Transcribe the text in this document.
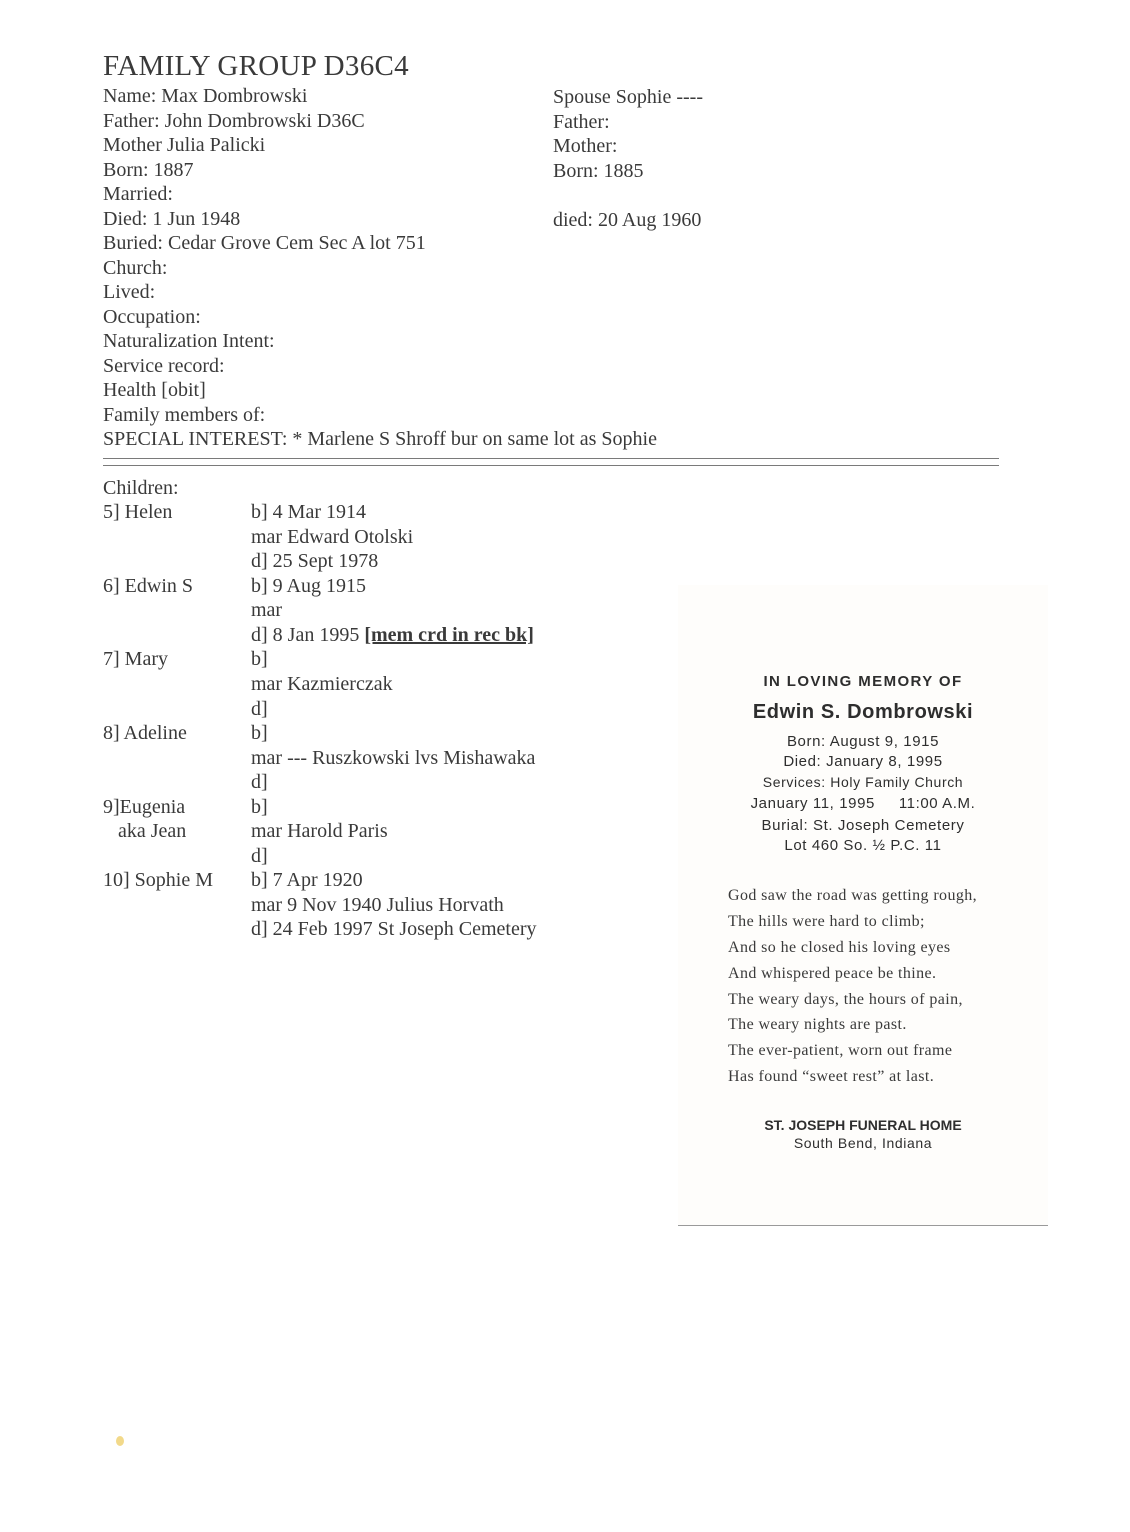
FAMILY GROUP D36C4
Name: Max Dombrowski
Father: John Dombrowski D36C
Mother Julia Palicki
Born: 1887
Married:
Died: 1 Jun 1948
Buried: Cedar Grove Cem Sec A lot 751
Church:
Lived:
Occupation:
Naturalization Intent:
Service record:
Health [obit]
Family members of:
SPECIAL INTEREST: * Marlene S Shroff bur on same lot as Sophie
Spouse Sophie ----
Father:
Mother:
Born: 1885
died: 20 Aug 1960
Children:
5] Helen	b] 4 Mar 1914
mar Edward Otolski
d] 25 Sept 1978
6] Edwin S	b] 9 Aug 1915
mar
d] 8 Jan 1995 [mem crd in rec bk]
7] Mary	b]
mar Kazmierczak
d]
8] Adeline	b]
mar --- Ruszkowski lvs Mishawaka
d]
9]Eugenia
aka Jean
b]
mar Harold Paris
d]
10] Sophie M b] 7 Apr 1920
mar 9 Nov 1940 Julius Horvath
d] 24 Feb 1997 St Joseph Cemetery
IN LOVING MEMORY OF
Edwin S. Dombrowski
Born: August 9, 1915
Died: January 8, 1995
Services: Holy Family Church
January 11, 1995     11:00 A.M.
Burial: St. Joseph Cemetery
Lot 460 So. ½ P.C. 11
God saw the road was getting rough,
The hills were hard to climb;
And so he closed his loving eyes
And whispered peace be thine.
The weary days, the hours of pain,
The weary nights are past.
The ever-patient, worn out frame
Has found “sweet rest” at last.
ST. JOSEPH FUNERAL HOME
South Bend, Indiana
